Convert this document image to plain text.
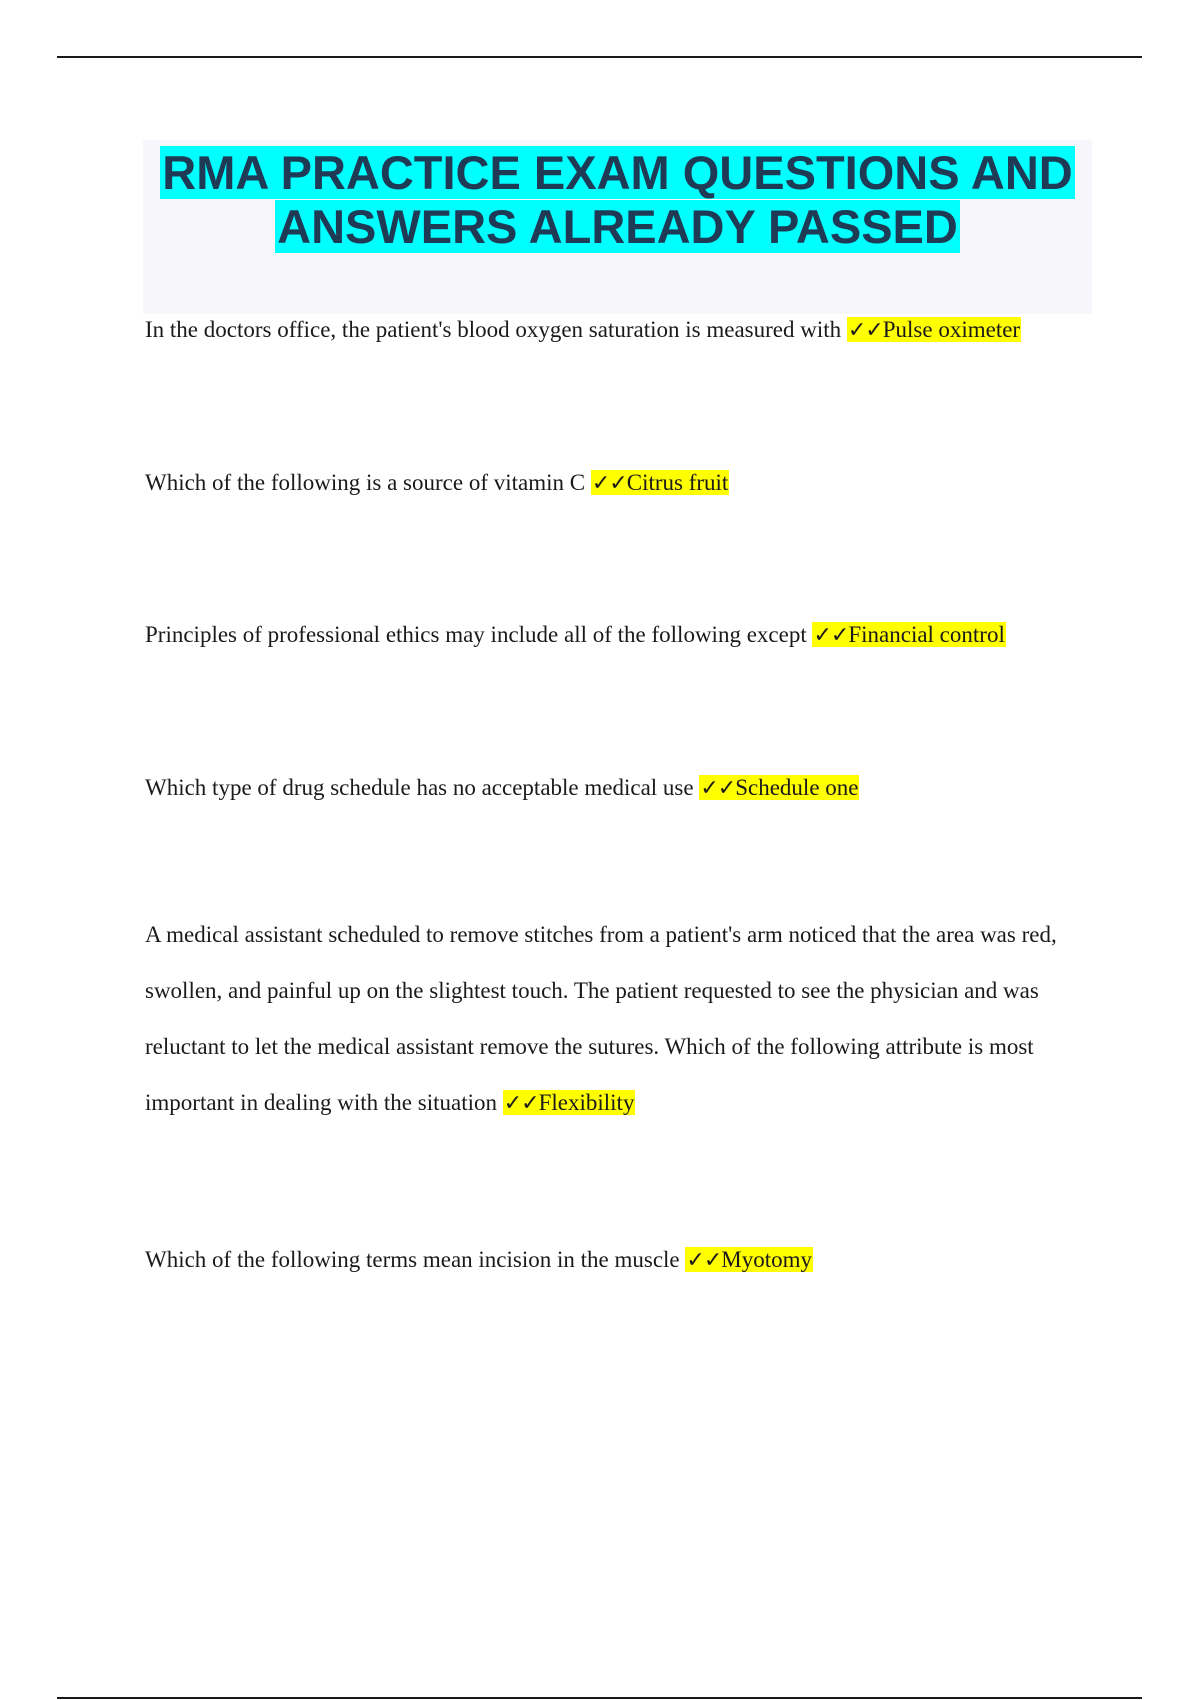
RMA PRACTICE EXAM QUESTIONS AND
ANSWERS ALREADY PASSED

In the doctors office, the patient's blood oxygen saturation is measured with ✓✓Pulse oximeter

Which of the following is a source of vitamin C ✓✓Citrus fruit

Principles of professional ethics may include all of the following except ✓✓Financial control

Which type of drug schedule has no acceptable medical use ✓✓Schedule one

A medical assistant scheduled to remove stitches from a patient's arm noticed that the area was red, swollen, and painful up on the slightest touch. The patient requested to see the physician and was reluctant to let the medical assistant remove the sutures. Which of the following attribute is most important in dealing with the situation ✓✓Flexibility

Which of the following terms mean incision in the muscle ✓✓Myotomy
